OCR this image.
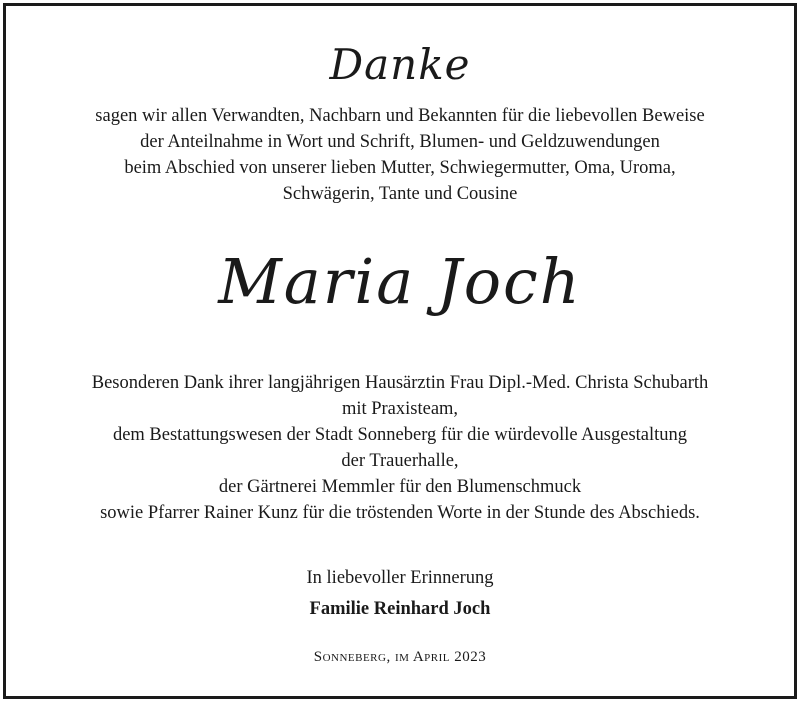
Danke
sagen wir allen Verwandten, Nachbarn und Bekannten für die liebevollen Beweise
der Anteilnahme in Wort und Schrift, Blumen- und Geldzuwendungen
beim Abschied von unserer lieben Mutter, Schwiegermutter, Oma, Uroma,
Schwägerin, Tante und Cousine
Maria Joch
Besonderen Dank ihrer langjährigen Hausärztin Frau Dipl.-Med. Christa Schubarth
mit Praxisteam,
dem Bestattungswesen der Stadt Sonneberg für die würdevolle Ausgestaltung
der Trauerhalle,
der Gärtnerei Memmler für den Blumenschmuck
sowie Pfarrer Rainer Kunz für die tröstenden Worte in der Stunde des Abschieds.
In liebevoller Erinnerung
Familie Reinhard Joch
Sonneberg, im April 2023
